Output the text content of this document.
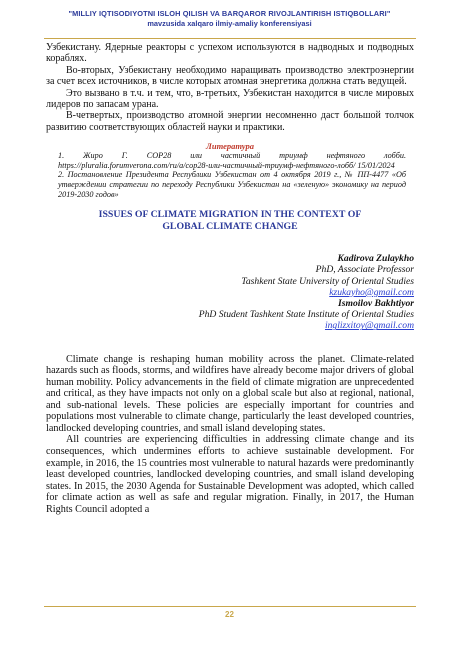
"MILLIY IQTISODIYOTNI ISLOH QILISH VA BARQAROR RIVOJLANTIRISH ISTIQBOLLARI"
mavzusida xalqaro ilmiy-amaliy konferensiyasi

Узбекистану. Ядерные реакторы с успехом используются в надводных и подводных кораблях.

Во-вторых, Узбекистану необходимо наращивать производство электроэнергии за счет всех источников, в числе которых атомная энергетика должна стать ведущей.

Это вызвано в т.ч. и тем, что, в-третьих, Узбекистан находится в числе мировых лидеров по запасам урана.

В-четвертых, производство атомной энергии несомненно даст большой толчок развитию соответствующих областей науки и практики.

Литература

1. Жиро Г. COP28 или частичный триумф нефтяного лобби. https://pluralia.forumverona.com/ru/a/cop28-или-частичный-триумф-нефтяного-лобб/ 15/01/2024

2. Постановление Президента Республики Узбекистан от 4 октября 2019 г., № ПП-4477 «Об утверждении стратегии по переходу Республики Узбекистан на «зеленую» экономику на период 2019-2030 годов»

ISSUES OF CLIMATE MIGRATION IN THE CONTEXT OF
GLOBAL CLIMATE CHANGE
Kadirova Zulaykho
PhD, Associate Professor
Tashkent State University of Oriental Studies
kzukayho@gmail.com
Ismoilov Bakhtiyor
PhD Student Tashkent State Institute of Oriental Studies
inglizxitoy@gmail.com

Climate change is reshaping human mobility across the planet. Climate-related hazards such as floods, storms, and wildfires have already become major drivers of global human mobility. Policy advancements in the field of climate migration are unprecedented and critical, as they have impacts not only on a global scale but also at regional, national, and sub-national levels. These policies are especially important for countries and populations most vulnerable to climate change, particularly the least developed countries, landlocked developing countries, and small island developing states.

All countries are experiencing difficulties in addressing climate change and its consequences, which undermines efforts to achieve sustainable development. For example, in 2016, the 15 countries most vulnerable to natural hazards were predominantly least developed countries, landlocked developing countries, and small island developing states. In 2015, the 2030 Agenda for Sustainable Development was adopted, which called for climate action as well as safe and regular migration. Finally, in 2017, the Human Rights Council adopted a

22
